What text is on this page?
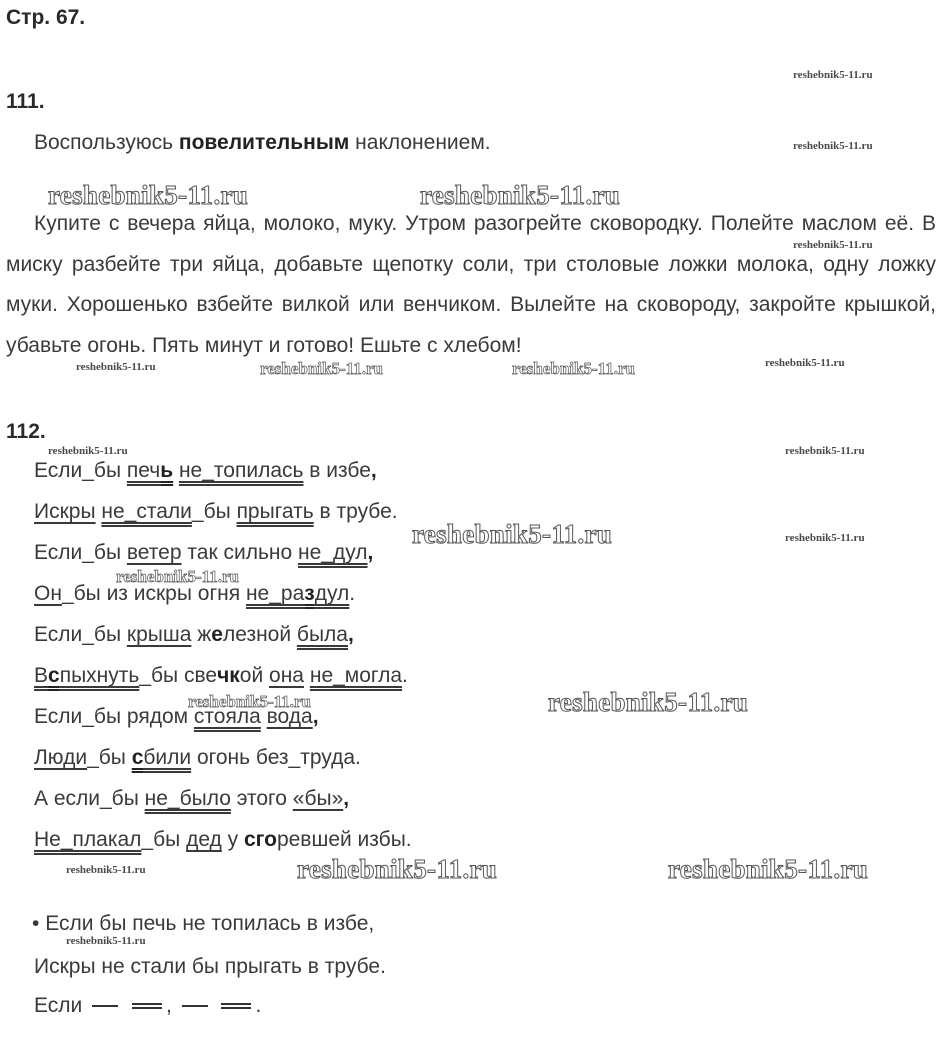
Стр. 67.
111.
Воспользуюсь повелительным наклонением.
Купите с вечера яйца, молоко, муку. Утром разогрейте сковородку. Полейте маслом её. В миску разбейте три яйца, добавьте щепотку соли, три столовые ложки молока, одну ложку муки. Хорошенько взбейте вилкой или венчиком. Вылейте на сковороду, закройте крышкой, убавьте огонь. Пять минут и готово! Ешьте с хлебом!
112.
Если_бы печь не_топилась в избе,
Искры не_стали_бы прыгать в трубе.
Если_бы ветер так сильно не_дул,
Он_бы из искры огня не_раздул.
Если_бы крыша железной была,
Вспыхнуть_бы свечкой она не_могла.
Если_бы рядом стояла вода,
Люди_бы сбили огонь без_труда.
А если_бы не_было этого «бы»,
Не_плакал_бы дед у сгоревшей избы.
• Если бы печь не топилась в избе,
Искры не стали бы прыгать в трубе.
Если	,	.
reshebnik5-11.ru
reshebnik5-11.ru
reshebnik5-11.ru	reshebnik5-11.ru
reshebnik5-11.ru
reshebnik5-11.ru	reshebnik5-11.ru	reshebnik5-11.ru	reshebnik5-11.ru
reshebnik5-11.ru	reshebnik5-11.ru
reshebnik5-11.ru	reshebnik5-11.ru
reshebnik5-11.ru
reshebnik5-11.ru	reshebnik5-11.ru
reshebnik5-11.ru	reshebnik5-11.ru	reshebnik5-11.ru
reshebnik5-11.ru
